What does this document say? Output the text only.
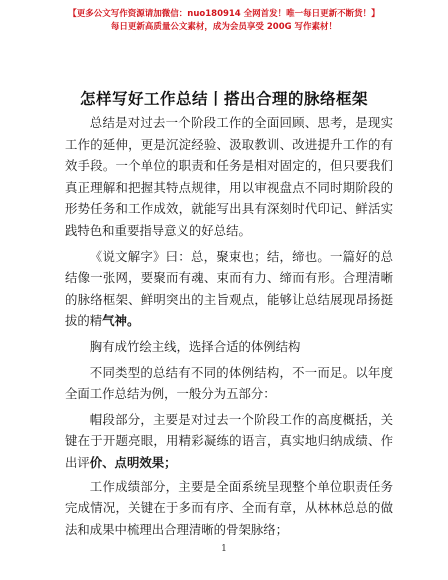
【更多公文写作资源请加微信：nuo180914 全网首发！唯一每日更新不断货！】
每日更新高质量公文素材，成为会员享受 200G 写作素材！
怎样写好工作总结丨搭出合理的脉络框架

总结是对过去一个阶段工作的全面回顾、思考，是现实工作的延伸，更是沉淀经验、汲取教训、改进提升工作的有效手段。一个单位的职责和任务是相对固定的，但只要我们真正理解和把握其特点规律，用以审视盘点不同时期阶段的形势任务和工作成效，就能写出具有深刻时代印记、鲜活实践特色和重要指导意义的好总结。

《说文解字》曰：总，聚束也；结，缔也。一篇好的总结像一张网，要聚而有魂、束而有力、缔而有形。合理清晰的脉络框架、鲜明突出的主旨观点，能够让总结展现昂扬挺拔的精气神。

胸有成竹绘主线，选择合适的体例结构

不同类型的总结有不同的体例结构，不一而足。以年度全面工作总结为例，一般分为五部分：

帽段部分，主要是对过去一个阶段工作的高度概括，关键在于开题亮眼，用精彩凝练的语言，真实地归纳成绩、作出评价、点明效果；

工作成绩部分，主要是全面系统呈现整个单位职责任务完成情况，关键在于多而有序、全而有章，从林林总总的做法和成果中梳理出合理清晰的骨架脉络；

1
